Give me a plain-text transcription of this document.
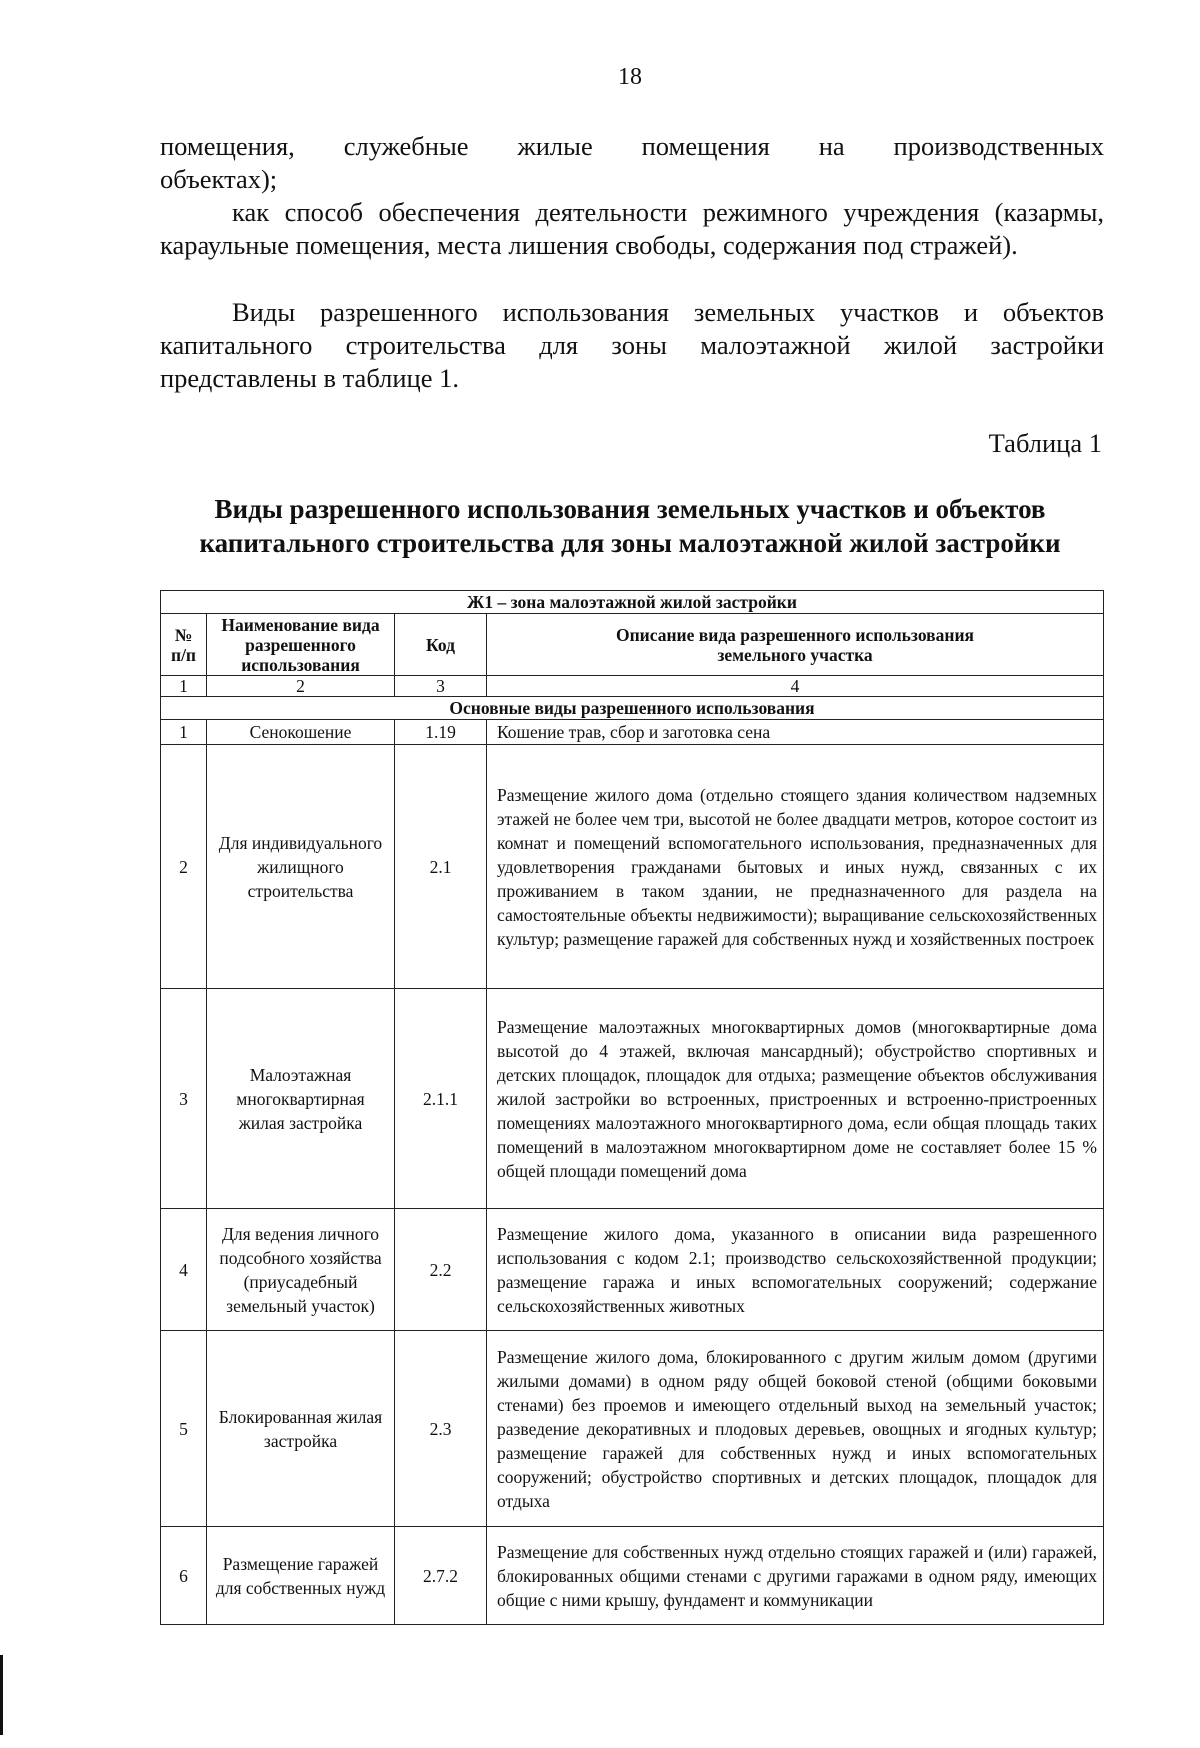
18
помещения, служебные жилые помещения на производственных
объектах);

как способ обеспечения деятельности режимного учреждения (казармы, караульные помещения, места лишения свободы, содержания под стражей).

Виды разрешенного использования земельных участков и объектов капитального строительства для зоны малоэтажной жилой застройки представлены в таблице 1.

Таблица 1
Виды разрешенного использования земельных участков и объектов
капитального строительства для зоны малоэтажной жилой застройки
Ж1 – зона малоэтажной жилой застройки			
№ п/п	Наименование вида разрешенного использования	Код	Описание вида разрешенного использования земельного участка
1	2	3	4
Основные виды разрешенного использования			
1	Сенокошение	1.19	Кошение трав, сбор и заготовка сена
2	Для индивидуального жилищного строительства	2.1	Размещение жилого дома (отдельно стоящего здания количеством надземных этажей не более чем три, высотой не более двадцати метров, которое состоит из комнат и помещений вспомогательного использования, предназначенных для удовлетворения гражданами бытовых и иных нужд, связанных с их проживанием в таком здании, не предназначенного для раздела на самостоятельные объекты недвижимости); выращивание сельскохозяйственных культур; размещение гаражей для собственных нужд и хозяйственных построек
3	Малоэтажная многоквартирная жилая застройка	2.1.1	Размещение малоэтажных многоквартирных домов (многоквартирные дома высотой до 4 этажей, включая мансардный); обустройство спортивных и детских площадок, площадок для отдыха; размещение объектов обслуживания жилой застройки во встроенных, пристроенных и встроенно-пристроенных помещениях малоэтажного многоквартирного дома, если общая площадь таких помещений в малоэтажном многоквартирном доме не составляет более 15 % общей площади помещений дома
4	Для ведения личного подсобного хозяйства (приусадебный земельный участок)	2.2	Размещение жилого дома, указанного в описании вида разрешенного использования с кодом 2.1; производство сельскохозяйственной продукции; размещение гаража и иных вспомогательных сооружений; содержание сельскохозяйственных животных
5	Блокированная жилая застройка	2.3	Размещение жилого дома, блокированного с другим жилым домом (другими жилыми домами) в одном ряду общей боковой стеной (общими боковыми стенами) без проемов и имеющего отдельный выход на земельный участок; разведение декоративных и плодовых деревьев, овощных и ягодных культур; размещение гаражей для собственных нужд и иных вспомогательных сооружений; обустройство спортивных и детских площадок, площадок для отдыха
6	Размещение гаражей для собственных нужд	2.7.2	Размещение для собственных нужд отдельно стоящих гаражей и (или) гаражей, блокированных общими стенами с другими гаражами в одном ряду, имеющих общие с ними крышу, фундамент и коммуникации
